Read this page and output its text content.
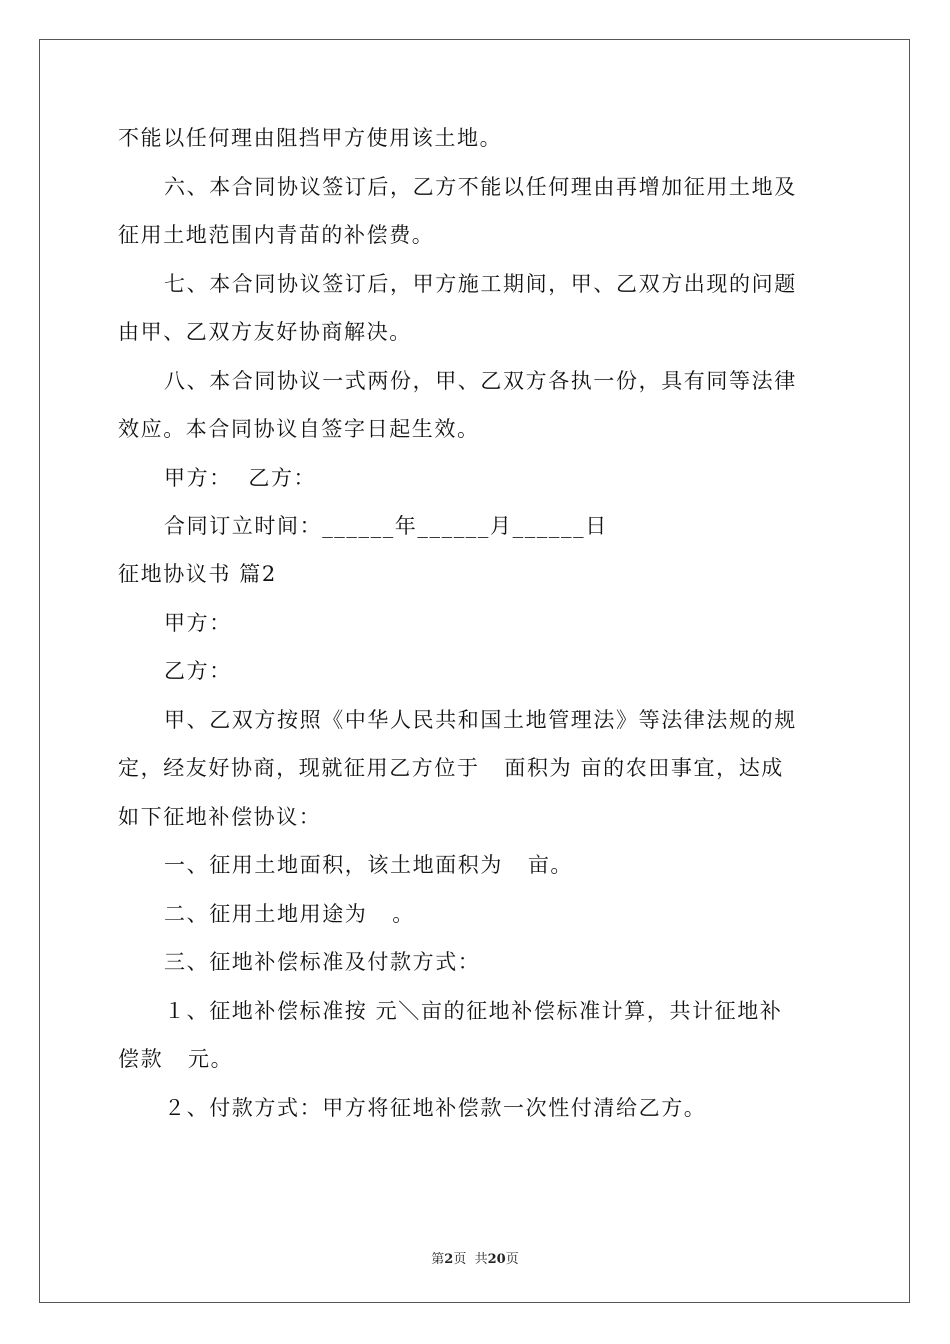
不能以任何理由阻挡甲方使用该土地。

六、本合同协议签订后，乙方不能以任何理由再增加征用土地及

征用土地范围内青苗的补偿费。

七、本合同协议签订后，甲方施工期间，甲、乙双方出现的问题

由甲、乙双方友好协商解决。

八、本合同协议一式两份，甲、乙双方各执一份，具有同等法律

效应。本合同协议自签字日起生效。

甲方：  乙方：

合同订立时间：______年______月______日

征地协议书 篇2

甲方：

乙方：

甲、乙双方按照《中华人民共和国土地管理法》等法律法规的规

定，经友好协商，现就征用乙方位于   面积为 亩的农田事宜，达成

如下征地补偿协议：

一、征用土地面积，该土地面积为   亩。

二、征用土地用途为   。

三、征地补偿标准及付款方式：

１、征地补偿标准按 元＼亩的征地补偿标准计算，共计征地补

偿款   元。

２、付款方式：甲方将征地补偿款一次性付清给乙方。

第2页  共20页
